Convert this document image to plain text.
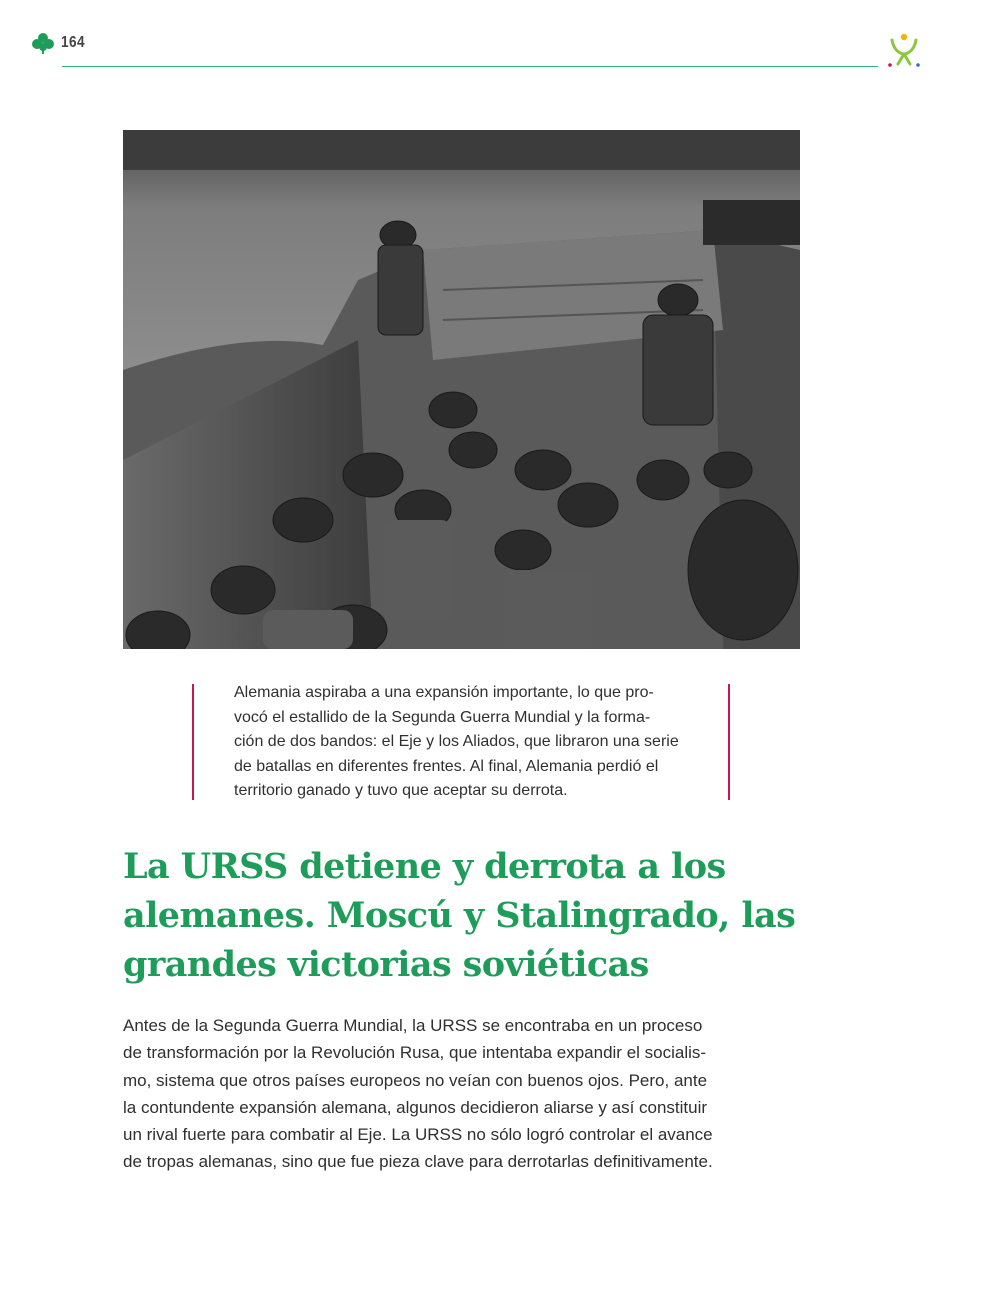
164
Alemania aspiraba a una expansión importante, lo que pro-
vocó el estallido de la Segunda Guerra Mundial y la forma-
ción de dos bandos: el Eje y los Aliados, que libraron una serie
de batallas en diferentes frentes. Al final, Alemania perdió el
territorio ganado y tuvo que aceptar su derrota.
La URSS detiene y derrota a los
alemanes. Moscú y Stalingrado, las
grandes victorias soviéticas

Antes de la Segunda Guerra Mundial, la URSS se encontraba en un proceso
de transformación por la Revolución Rusa, que intentaba expandir el socialis-
mo, sistema que otros países europeos no veían con buenos ojos. Pero, ante
la contundente expansión alemana, algunos decidieron aliarse y así constituir
un rival fuerte para combatir al Eje. La URSS no sólo logró controlar el avance
de tropas alemanas, sino que fue pieza clave para derrotarlas definitivamente.
